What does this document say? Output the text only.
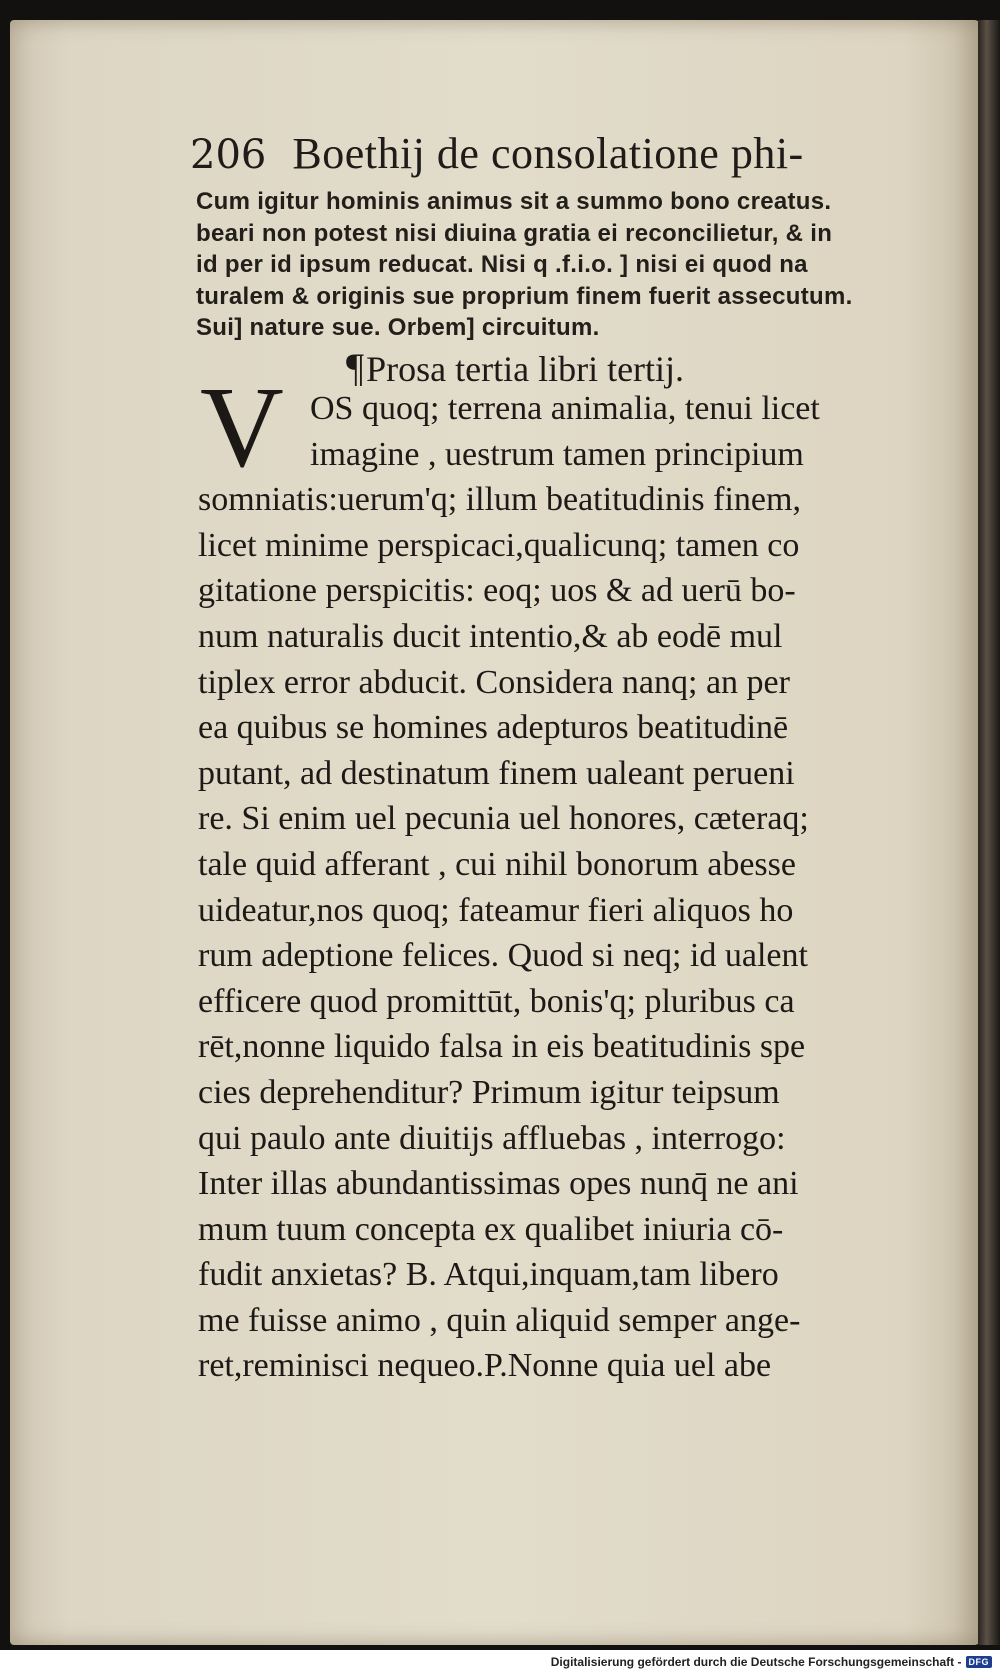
206 Boethij de consolatione phi-
Cum igitur hominis animus sit a summo bono creatus.
beari non potest nisi diuina gratia ei reconcilietur, & in
id per id ipsum reducat. Nisi q .f.i.o. ] nisi ei quod na
turalem & originis sue proprium finem fuerit assecutum.
Sui] nature sue. Orbem] circuitum.
¶ Prosa tertia libri tertij.
V OS quoq; terrena animalia, tenui licet
imagine , uestrum tamen principium
somniatis:uerum'q; illum beatitudinis finem,
licet minime perspicaci,qualicunq; tamen co
gitatione perspicitis: eoq; uos & ad uerū bo-
num naturalis ducit intentio,& ab eodē mul
tiplex error abducit. Considera nanq; an per
ea quibus se homines adepturos beatitudinē
putant, ad destinatum finem ualeant perueni
re. Si enim uel pecunia uel honores, cæteraq;
tale quid afferant , cui nihil bonorum abesse
uideatur,nos quoq; fateamur fieri aliquos ho
rum adeptione felices. Quod si neq; id ualent
efficere quod promittūt, bonis'q; pluribus ca
rēt,nonne liquido falsa in eis beatitudinis spe
cies deprehenditur? Primum igitur teipsum
qui paulo ante diuitijs affluebas , interrogo:
Inter illas abundantissimas opes nunq̄ ne ani
mum tuum concepta ex qualibet iniuria cō-
fudit anxietas? B. Atqui,inquam,tam libero
me fuisse animo , quin aliquid semper ange-
ret,reminisci nequeo.P.Nonne quia uel abe
Digitalisierung gefördert durch die Deutsche Forschungsgemeinschaft - DFG
